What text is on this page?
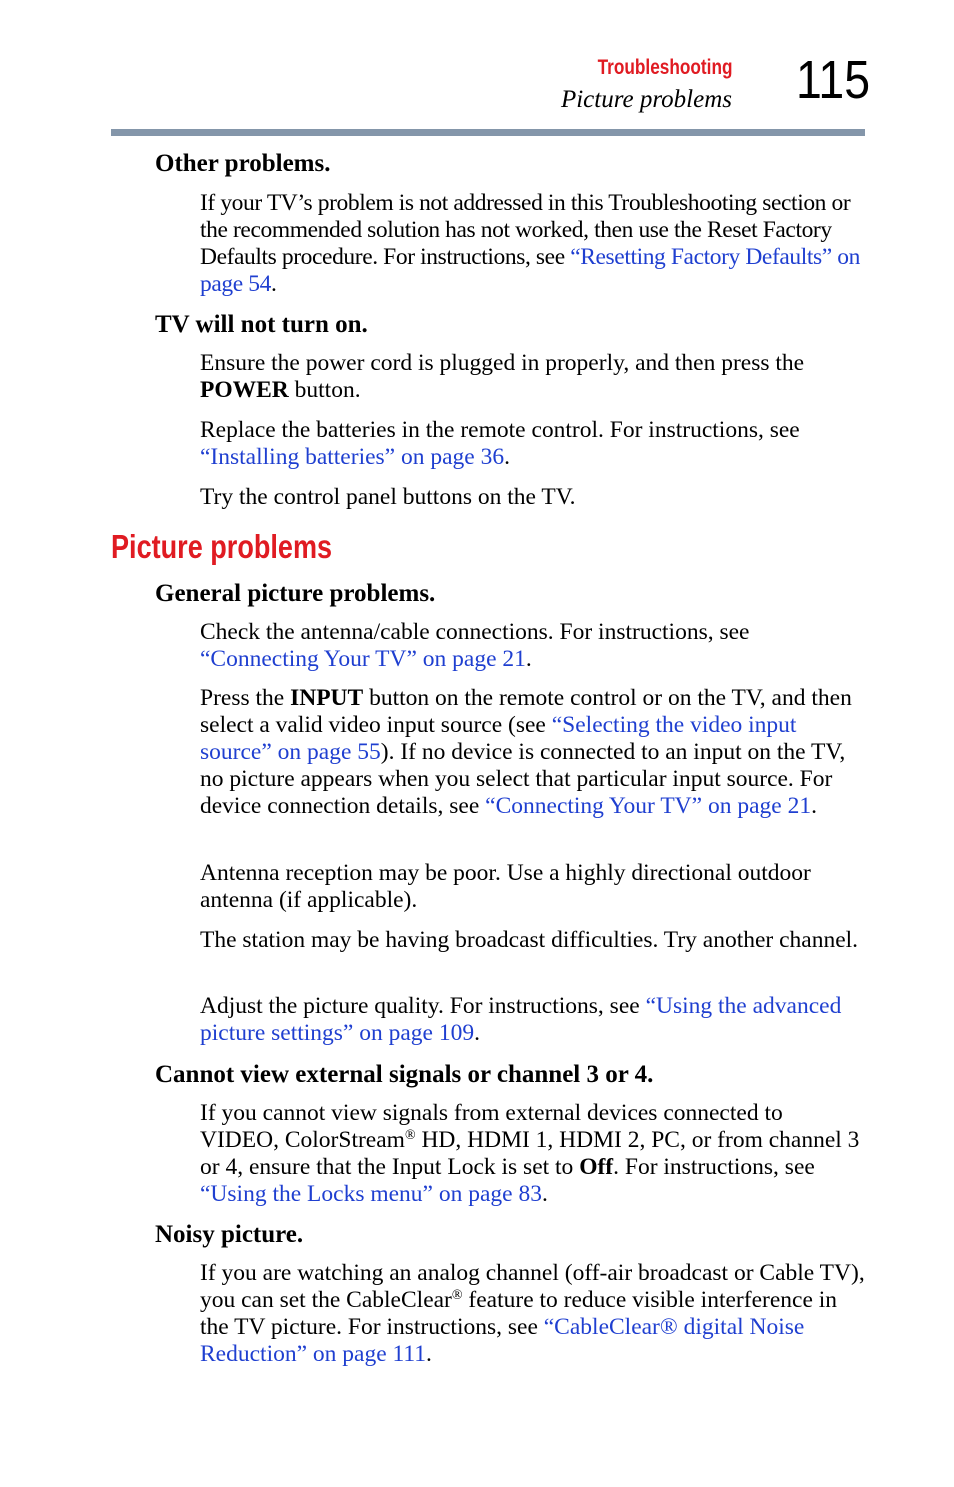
Troubleshooting
Picture problems 115
Other problems.
If your TV’s problem is not addressed in this Troubleshooting section or the recommended solution has not worked, then use the Reset Factory Defaults procedure. For instructions, see “Resetting Factory Defaults” on page 54.
TV will not turn on.
Ensure the power cord is plugged in properly, and then press the POWER button.
Replace the batteries in the remote control. For instructions, see “Installing batteries” on page 36.
Try the control panel buttons on the TV.
Picture problems
General picture problems.
Check the antenna/cable connections. For instructions, see “Connecting Your TV” on page 21.
Press the INPUT button on the remote control or on the TV, and then select a valid video input source (see “Selecting the video input source” on page 55). If no device is connected to an input on the TV, no picture appears when you select that particular input source. For device connection details, see “Connecting Your TV” on page 21.
Antenna reception may be poor. Use a highly directional outdoor antenna (if applicable).
The station may be having broadcast difficulties. Try another channel.
Adjust the picture quality. For instructions, see “Using the advanced picture settings” on page 109.
Cannot view external signals or channel 3 or 4.
If you cannot view signals from external devices connected to VIDEO, ColorStream® HD, HDMI 1, HDMI 2, PC, or from channel 3 or 4, ensure that the Input Lock is set to Off. For instructions, see “Using the Locks menu” on page 83.
Noisy picture.
If you are watching an analog channel (off-air broadcast or Cable TV), you can set the CableClear® feature to reduce visible interference in the TV picture. For instructions, see “CableClear® digital Noise Reduction” on page 111.
